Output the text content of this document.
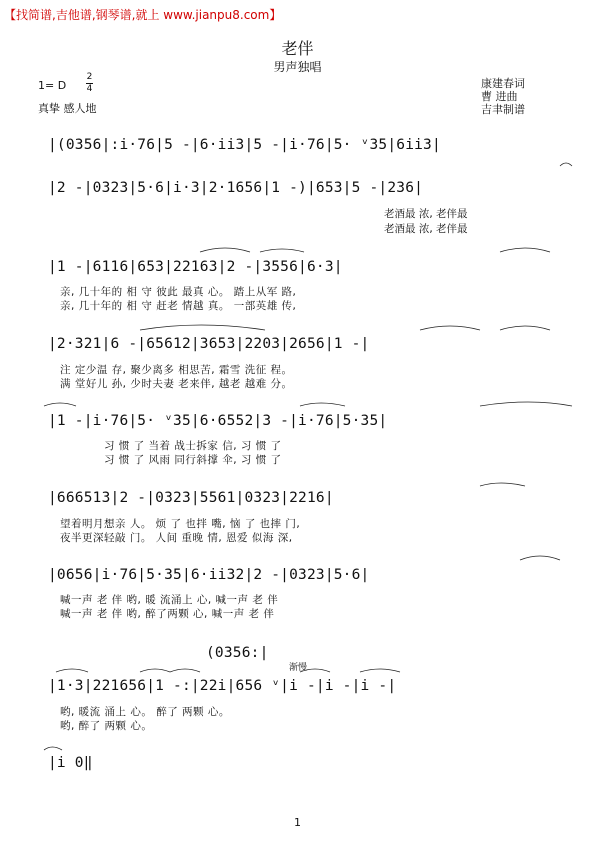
【找简谱,吉他谱,钢琴谱,就上 www.jianpu8.com】
老伴
男声独唱
1= D
2
4
真挚 感人地
康建春词
曹 进曲
吉聿制谱
|(0356|:i·76|5 -|6·ii3|5 -|i·76|5· ᵛ35|6ii3|
|2 -|0323|5·6|i·3|2·1656|1 -)|653|5 -|236|
老酒最 浓, 老伴最
老酒最 浓, 老伴最
|1 -|6116|653|22163|2 -|3556|6·3|
亲, 几十年的 相 守 彼此 最真 心。 踏上从军 路,
亲, 几十年的 相 守 赶老 情越 真。 一部英雄 传,
|2·321|6 -|65612|3653|2203|2656|1 -|
注 定少温 存, 聚少离多 相思苦, 霜雪 洗征 程。
满 堂好儿 孙, 少时夫妻 老来伴, 越老 越难 分。
|1 -|i·76|5· ᵛ35|6·6552|3 -|i·76|5·35|
习 惯 了 当着 战士拆家 信, 习 惯 了
习 惯 了 风雨 同行斜撑 伞, 习 惯 了
|666513|2 -|0323|5561|0323|2216|
望着明月想亲 人。 烦 了 也拌 嘴, 恼 了 也摔 门,
夜半更深轻敲 门。 人间 重晚 情, 恩爱 似海 深,
|0656|i·76|5·35|6·ii32|2 -|0323|5·6|
喊一声 老 伴 哟, 暖 流涌上 心, 喊一声 老 伴
喊一声 老 伴 哟, 醉了两颗 心, 喊一声 老 伴
(0356:|
渐慢
|1·3|221656|1 -:|22i|656 ᵛ|i -|i -|i -|
哟, 暖流 涌上 心。 醉了 两颗 心。
哟, 醉了 两颗 心。
|i 0‖
1
